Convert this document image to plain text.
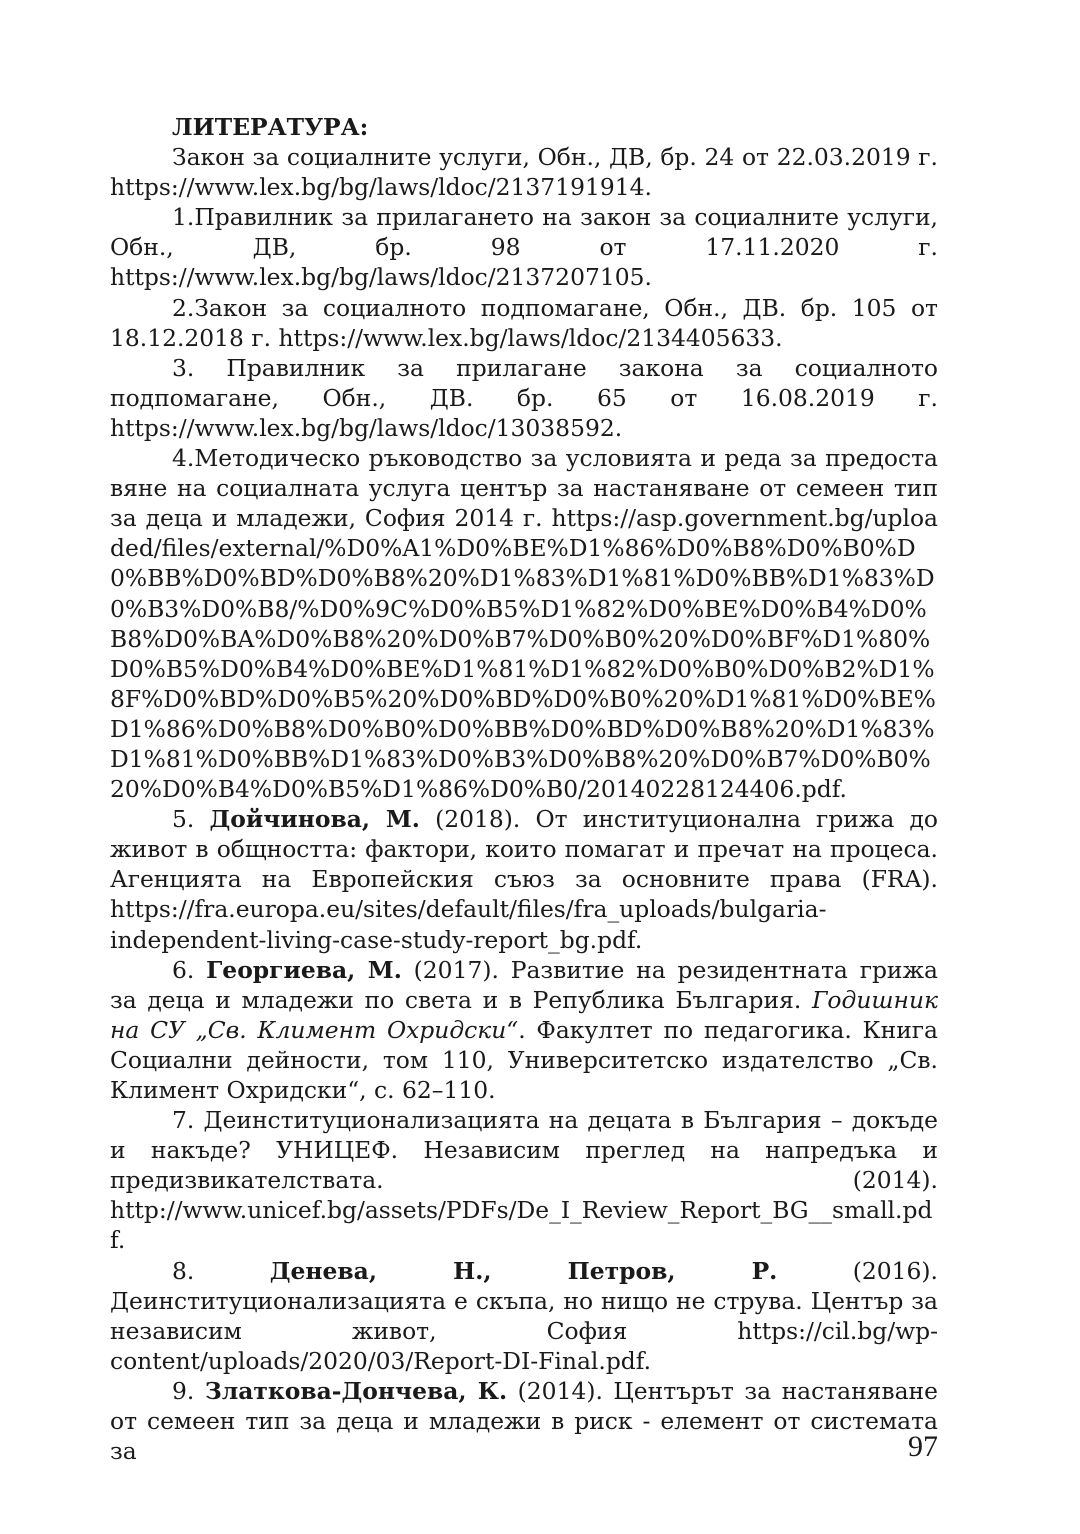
ЛИТЕРАТУРА:

Закон за социалните услуги, Обн., ДВ, бр. 24 от 22.03.2019 г. https://www.lex.bg/bg/laws/ldoc/2137191914.

1.Правилник за прилагането на закон за социалните услуги, Обн., ДВ, бр. 98 от 17.11.2020 г. https://www.lex.bg/bg/laws/ldoc/2137207105.

2.Закон за социалното подпомагане, Обн., ДВ. бр. 105 от 18.12.2018 г. https://www.lex.bg/laws/ldoc/2134405633.

3. Правилник за прилагане закона за социалното подпомагане, Обн., ДВ. бр. 65 от 16.08.2019 г. https://www.lex.bg/bg/laws/ldoc/13038592.

4.Методическо ръководство за условията и реда за предоставяне на социалната услуга център за настаняване от семеен тип за деца и младежи, София 2014 г. https://asp.government.bg/uploaded/files/external/%D0%A1%D0%BE%D1%86%D0%B8%D0%B0%D0%BB%D0%BD%D0%B8%20%D1%83%D1%81%D0%BB%D1%83%D0%B3%D0%B8/%D0%9C%D0%B5%D1%82%D0%BE%D0%B4%D0%B8%D0%BA%D0%B8%20%D0%B7%D0%B0%20%D0%BF%D1%80%D0%B5%D0%B4%D0%BE%D1%81%D1%82%D0%B0%D0%B2%D1%8F%D0%BD%D0%B5%20%D0%BD%D0%B0%20%D1%81%D0%BE%D1%86%D0%B8%D0%B0%D0%BB%D0%BD%D0%B8%20%D1%83%D1%81%D0%BB%D1%83%D0%B3%D0%B8%20%D0%B7%D0%B0%20%D0%B4%D0%B5%D1%86%D0%B0/20140228124406.pdf.

5. Дойчинова, М. (2018). От институционална грижа до живот в общността: фактори, които помагат и пречат на процеса. Агенцията на Европейския съюз за основните права (FRA). https://fra.europa.eu/sites/default/files/fra_uploads/bulgaria-independent-living-case-study-report_bg.pdf.

6. Георгиева, М. (2017). Развитие на резидентната грижа за деца и младежи по света и в Република България. Годишник на СУ „Св. Климент Охридски“. Факултет по педагогика. Книга Социални дейности, том 110, Университетско издателство „Св. Климент Охридски“, с. 62–110.

7. Деинституционализацията на децата в България – докъде и накъде? УНИЦЕФ. Независим преглед на напредъка и предизвикателствата. (2014). http://www.unicef.bg/assets/PDFs/De_I_Review_Report_BG__small.pdf.

8. Денева, Н., Петров, Р. (2016). Деинституционализацията е скъпа, но нищо не струва. Център за независим живот, София https://cil.bg/wp-content/uploads/2020/03/Report-DI-Final.pdf.

9. Златкова-Дончева, К. (2014). Центърът за настаняване от семеен тип за деца и младежи в риск - елемент от системата за	97
